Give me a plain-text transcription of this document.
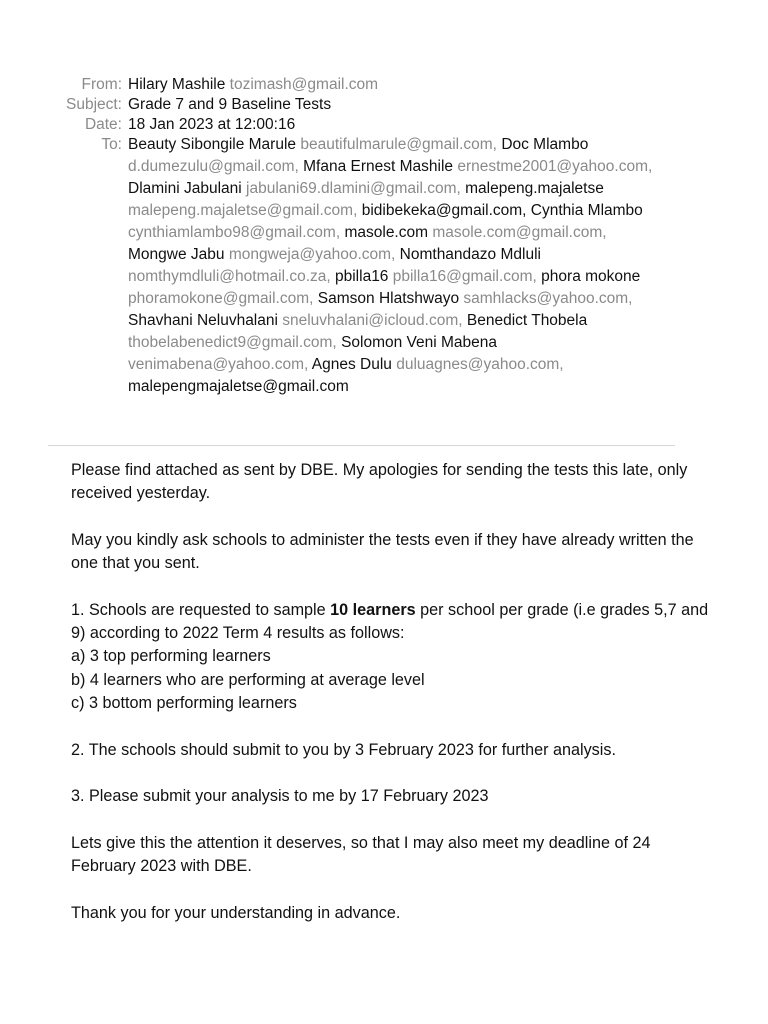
From: Hilary Mashile tozimash@gmail.com
Subject: Grade 7 and 9 Baseline Tests
Date: 18 Jan 2023 at 12:00:16
To: Beauty Sibongile Marule beautifulmarule@gmail.com, Doc Mlambo d.dumezulu@gmail.com, Mfana Ernest Mashile ernestme2001@yahoo.com, Dlamini Jabulani jabulani69.dlamini@gmail.com, malepeng.majaletse malepeng.majaletse@gmail.com, bidibekeka@gmail.com, Cynthia Mlambo cynthiamlambo98@gmail.com, masole.com masole.com@gmail.com, Mongwe Jabu mongweja@yahoo.com, Nomthandazo Mdluli nomthymdluli@hotmail.co.za, pbilla16 pbilla16@gmail.com, phora mokone phoramokone@gmail.com, Samson Hlatshwayo samhlacks@yahoo.com, Shavhani Neluvhalani sneluvhalani@icloud.com, Benedict Thobela thobelabenedict9@gmail.com, Solomon Veni Mabena venimabena@yahoo.com, Agnes Dulu duluagnes@yahoo.com, malepengmajaletse@gmail.com

Please find attached as sent by DBE. My apologies for sending the tests this late, only received yesterday.

May you kindly ask schools to administer the tests even if they have already written the one that you sent.

1. Schools are requested to sample 10 learners per school per grade (i.e grades 5,7 and 9) according to 2022 Term 4 results as follows:

a) 3 top performing learners

b) 4 learners who are performing at average level

c) 3 bottom performing learners

2. The schools should submit to you by 3 February 2023 for further analysis.

3. Please submit your analysis to me by 17 February 2023

Lets give this the attention it deserves, so that I may also meet my deadline of 24 February 2023 with DBE.

Thank you for your understanding in advance.
